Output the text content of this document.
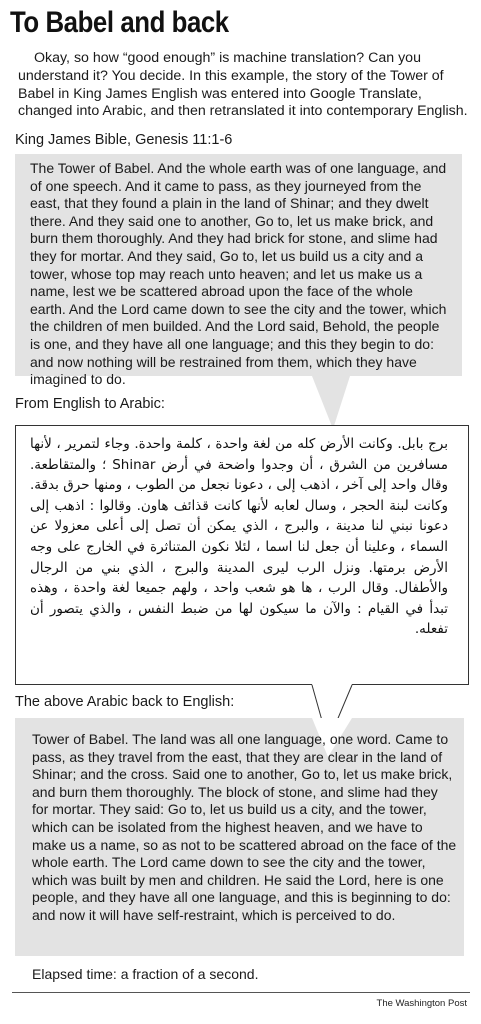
To Babel and back
Okay, so how “good enough” is machine translation? Can you understand it? You decide. In this example, the story of the Tower of Babel in King James English was entered into Google Translate, changed into Arabic, and then retranslated it into contemporary English.
King James Bible, Genesis 11:1-6
The Tower of Babel. And the whole earth was of one language, and of one speech. And it came to pass, as they journeyed from the east, that they found a plain in the land of Shinar; and they dwelt there. And they said one to another, Go to, let us make brick, and burn them thoroughly. And they had brick for stone, and slime had they for mortar. And they said, Go to, let us build us a city and a tower, whose top may reach unto heaven; and let us make us a name, lest we be scattered abroad upon the face of the whole earth. And the Lord came down to see the city and the tower, which the children of men builded. And the Lord said, Behold, the people is one, and they have all one language; and this they begin to do: and now nothing will be restrained from them, which they have imagined to do.
From English to Arabic:
برج بابل. وكانت الأرض كله من لغة واحدة ، كلمة واحدة. وجاء لتمرير ، لأنها مسافرين من الشرق ، أن وجدوا واضحة في أرض Shinar ؛ والمتقاطعة. وقال واحد إلى آخر ، اذهب إلى ، دعونا نجعل من الطوب ، ومنها حرق بدقة. وكانت لبنة الحجر ، وسال لعابه لأنها كانت قذائف هاون. وقالوا : اذهب إلى دعونا نبني لنا مدينة ، والبرج ، الذي يمكن أن تصل إلى أعلى معزولا عن السماء ، وعلينا أن جعل لنا اسما ، لئلا نكون المتناثرة في الخارج على وجه الأرض برمتها. ونزل الرب ليرى المدينة والبرج ، الذي بني من الرجال والأطفال. وقال الرب ، ها هو شعب واحد ، ولهم جميعا لغة واحدة ، وهذه تبدأ في القيام : والآن ما سيكون لها من ضبط النفس ، والذي يتصور أن تفعله.
The above Arabic back to English:
Tower of Babel. The land was all one language, one word. Came to pass, as they travel from the east, that they are clear in the land of Shinar; and the cross. Said one to another, Go to, let us make brick, and burn them thoroughly. The block of stone, and slime had they for mortar. They said: Go to, let us build us a city, and the tower, which can be isolated from the highest heaven, and we have to make us a name, so as not to be scattered abroad on the face of the whole earth. The Lord came down to see the city and the tower, which was built by men and children. He said the Lord, here is one people, and they have all one language, and this is beginning to do: and now it will have self-restraint, which is perceived to do.
Elapsed time: a fraction of a second.
The Washington Post
